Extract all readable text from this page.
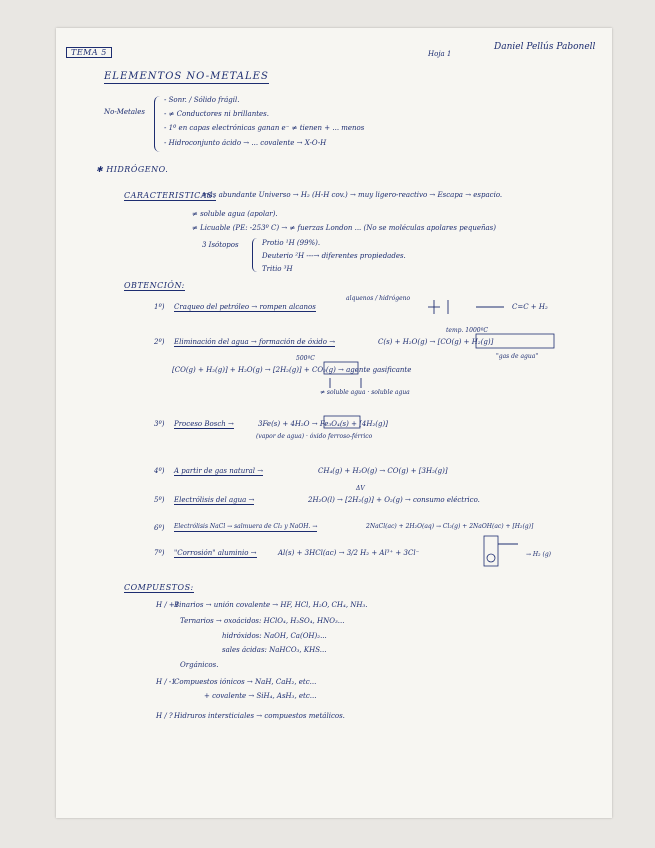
TEMA 5	Hoja 1
Daniel Pellús Pabonell
ELEMENTOS NO-METALES
No-Metales
- Sonr. / Sólido frágil.
- ≠ Conductores ni brillantes.
- 1º en capas electrónicas ganan e⁻ ≠ tienen + ... menos
- Hidroconjunto ácido → ... covalente → X-O-H
✱ HIDRÓGENO.
CARACTERISTICAS:
más abundante Universo → H₂ (H-H cov.) → muy ligero-reactivo → Escapa → espacio.
≠ soluble agua (apolar).
≠ Licuable (PE: -253º C) → ≠ fuerzas London ... (No se moléculas apolares pequeñas)
3 Isótopos	Protio ¹H (99%).
Deuterio ²H ---→ diferentes propiedades.
Tritio ³H
OBTENCIÓN:
1º) Craqueo del petróleo → rompen alcanos
alquenos / hidrógeno
C=C + H₂
2º) Eliminación del agua → formación de óxido →	C(s) + H₂O(g) → [CO(g) + H₂(g)]
temp. 1000ºC
"gas de agua"
[CO(g) + H₂(g)] + H₂O(g) → [2H₂(g)] + CO₂(g) → agente gasificante
500ºC
≠ soluble agua · soluble agua
3º) Proceso Bosch →	3Fe(s) + 4H₂O → Fe₃O₄(s) + [4H₂(g)]
(vapor de agua) · óxido ferroso-férrico
4º) A partir de gas natural →	CH₄(g) + H₂O(g) → CO(g) + [3H₂(g)]
5º) Electrólisis del agua →	2H₂O(l) → [2H₂(g)] + O₂(g) → consumo eléctrico.
ΔV
6º) Electrólisis NaCl → salmuera de Cl₂ y NaOH. →	2NaCl(ac) + 2H₂O(aq) → Cl₂(g) + 2NaOH(ac) + [H₂(g)]
7º) "Corrosión" aluminio →	Al(s) + 3HCl(ac) → 3/2 H₂ + Al³⁺ + 3Cl⁻	→ H₂ (g)
COMPUESTOS:
H / +1
Binarios → unión covalente → HF, HCl, H₂O, CH₄, NH₃.
Ternarios → oxoácidos: HClO₄, H₂SO₄, HNO₃...
hidróxidos: NaOH, Ca(OH)₂...
sales ácidas: NaHCO₃, KHS...
Orgánicos.
H / -1
Compuestos iónicos → NaH, CaH₂, etc...
+ covalente → SiH₄, AsH₃, etc...
H / ? Hidruros intersticiales → compuestos metálicos.
